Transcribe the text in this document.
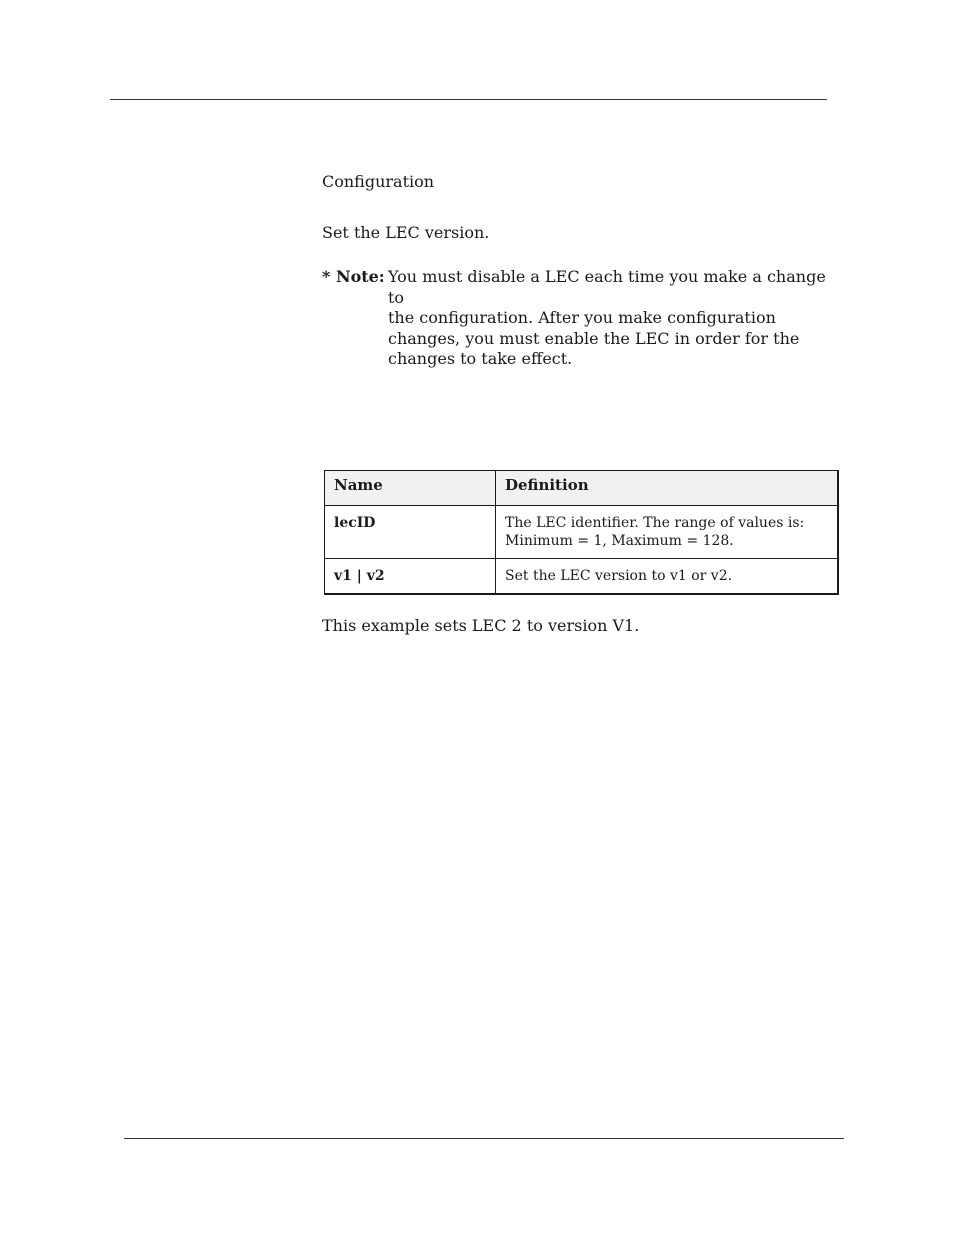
Configuration
Set the LEC version.
* Note: You must disable a LEC each time you make a change to
the configuration. After you make configuration
changes, you must enable the LEC in order for the
changes to take effect.
Name	Definition
lecID	The LEC identifier. The range of values is:
Minimum = 1, Maximum = 128.

v1 | v2	Set the LEC version to v1 or v2.
This example sets LEC 2 to version V1.
